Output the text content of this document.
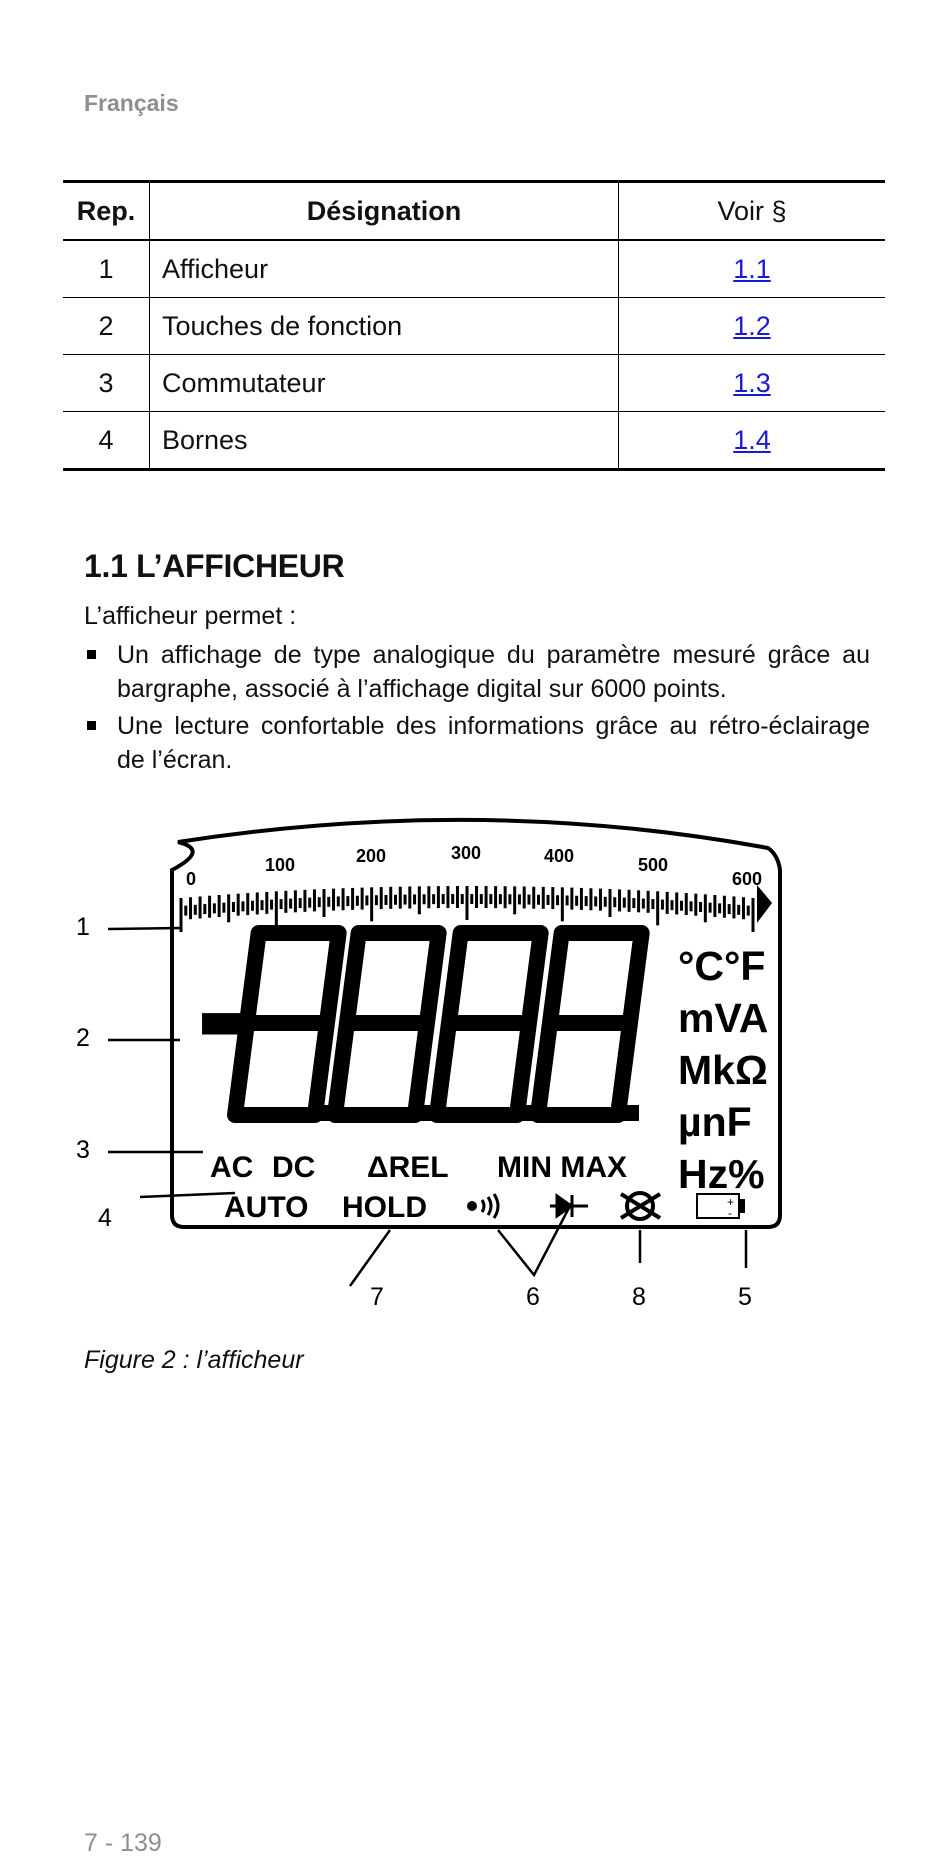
Français
Rep.	Désignation	Voir §
1	Afficheur	1.1
2	Touches de fonction	1.2
3	Commutateur	1.3
4	Bornes	1.4
1.1 L’AFFICHEUR

L’afficheur permet :

Un affichage de type analogique du paramètre mesuré grâce au bargraphe, associé à l’affichage digital sur 6000 points.
Une lecture confortable des informations grâce au rétro-éclairage de l’écran.
0
100	200	300	400	500
600
-	°C°F
mVA
MkΩ
µnF
Hz%
AC DC ΔREL MIN MAX
AUTO HOLD	+
-
1
2
3
4
5
6
7	8
Figure 2 : l’afficheur
7 - 139
